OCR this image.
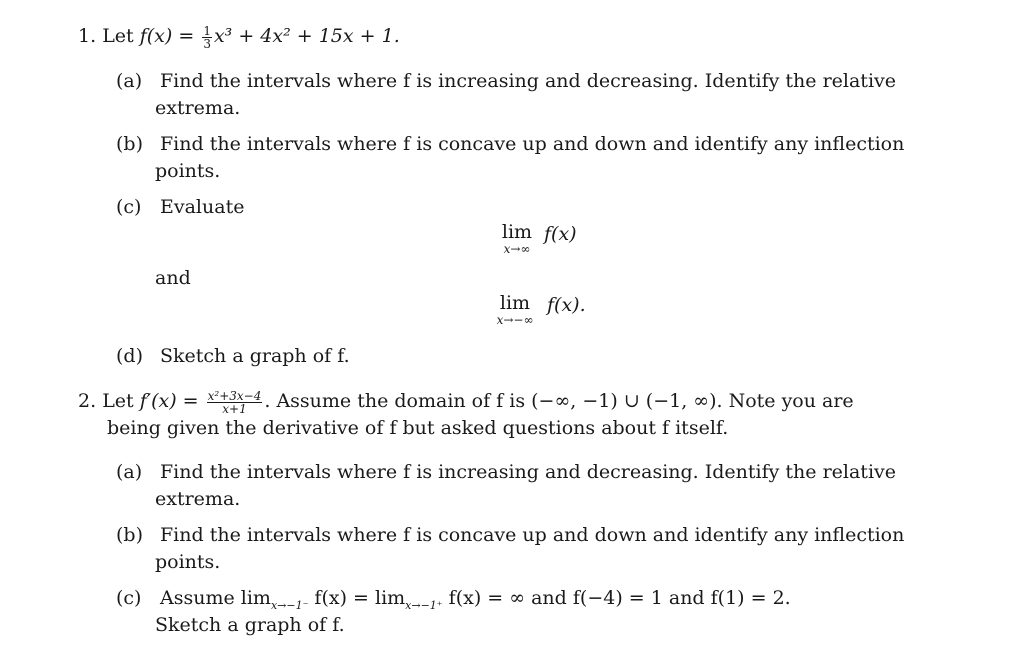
1. Let $f(x) = \frac{1}{3} x^3 + 4x^2 + 15x + 1$.
(a) Find the intervals where f is increasing and decreasing. Identify the relative
extrema.
(b) Find the intervals where f is concave up and down and identify any inflection
points.
(c) Evaluate
lim
x→∞
f(x)
and
lim
x→−∞
f(x).
(d) Sketch a graph of f.
2. Let $f'(x) = \frac{\text{x²+3x−4}}{x+1}$ . Assume the domain of f is (−∞, −1) ∪ (−1, ∞). Note you are
being given the derivative of f but asked questions about f itself.
(a) Find the intervals where f is increasing and decreasing. Identify the relative
extrema.
(b) Find the intervals where f is concave up and down and identify any inflection
points.
(c) Assume $\lim_{x\to-1^-} f(x) = \lim_{x\to-1^+} f(x)$ = ∞ and f(−4) = 1 and f(1) = 2.
Sketch a graph of f.
